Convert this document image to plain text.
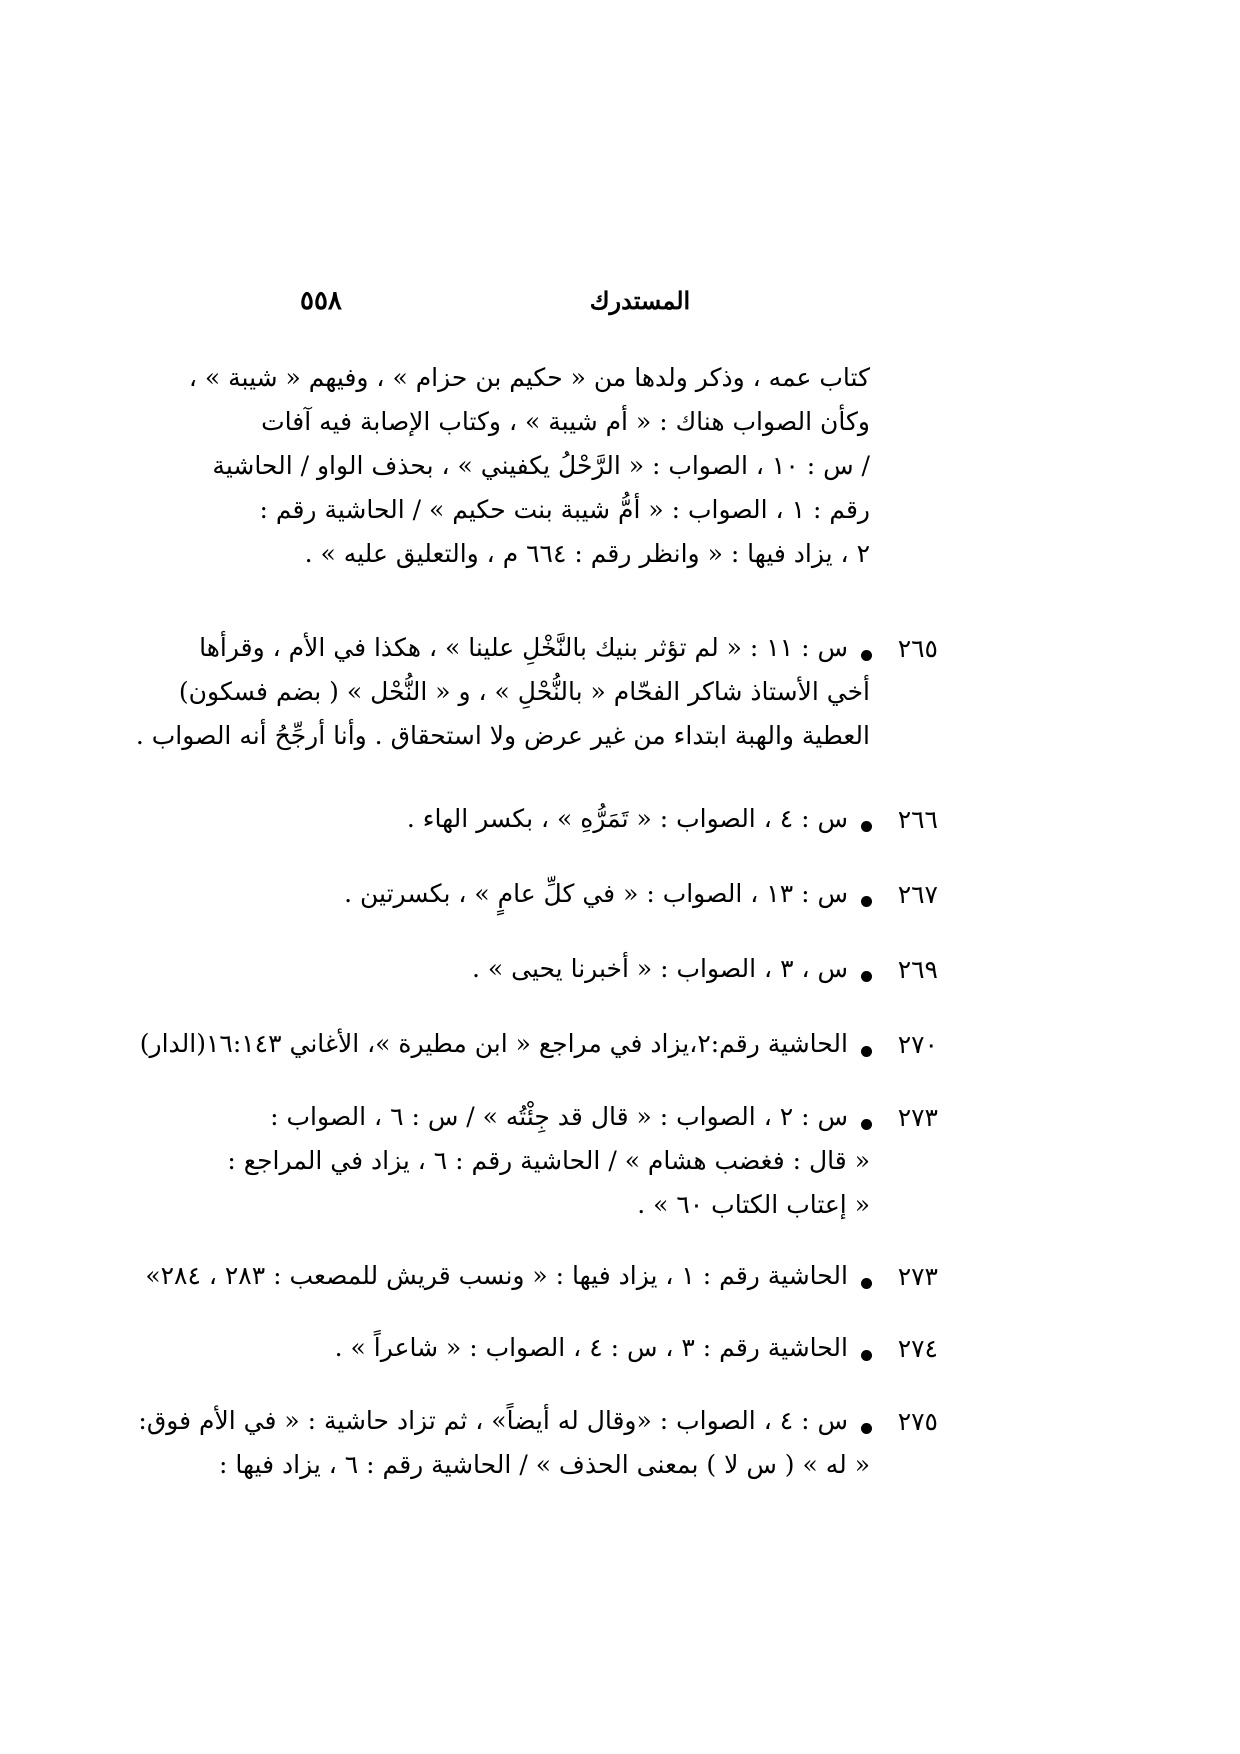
المستدرك
٥٥٨
كتاب عمه ، وذكر ولدها من « حكيم بن حزام » ، وفيهم « شيبة » ،
وكأن الصواب هناك : « أم شيبة » ، وكتاب الإصابة فيه آفات
/ س : ١٠ ، الصواب : « الرَّحْلُ يكفيني » ، بحذف الواو / الحاشية
رقم : ١ ، الصواب : « أمُّ شيبة بنت حكيم » / الحاشية رقم :
٢ ، يزاد فيها : « وانظر رقم : ٦٦٤ م ، والتعليق عليه » .
٢٦٥
س : ١١ : « لم تؤثر بنيك بالنَّخْلِ علينا » ، هكذا في الأم ، وقرأها
أخي الأستاذ شاكر الفحّام « بالنُّحْلِ » ، و « النُّحْل » ( بضم فسكون)
العطية والهبة ابتداء من غير عرض ولا استحقاق . وأنا أرجِّحُ أنه الصواب .
٢٦٦
س : ٤ ، الصواب : « تَمَرُّهِ » ، بكسر الهاء .
٢٦٧
س : ١٣ ، الصواب : « في كلِّ عامٍ » ، بكسرتين .
٢٦٩
س ، ٣ ، الصواب : « أخبرنا يحيى » .
٢٧٠
الحاشية رقم:٢،يزاد في مراجع « ابن مطيرة »، الأغاني ١٦:١٤٣(الدار)
٢٧٣
س : ٢ ، الصواب : « قال قد جِئْتُه » / س : ٦ ، الصواب :
« قال : فغضب هشام » / الحاشية رقم : ٦ ، يزاد في المراجع :
« إعتاب الكتاب ٦٠ » .
٢٧٣
الحاشية رقم : ١ ، يزاد فيها : « ونسب قريش للمصعب : ٢٨٣ ، ٢٨٤»
٢٧٤
الحاشية رقم : ٣ ، س : ٤ ، الصواب : « شاعراً » .
٢٧٥
س : ٤ ، الصواب : «وقال له أيضاً» ، ثم تزاد حاشية : « في الأم فوق:
« له » ( س لا ) بمعنى الحذف » / الحاشية رقم : ٦ ، يزاد فيها :
